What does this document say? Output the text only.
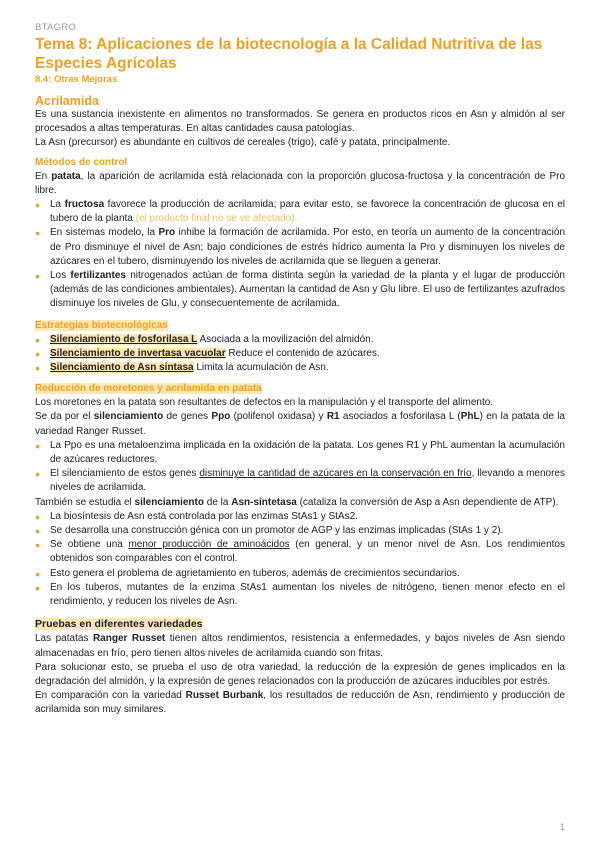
BTAGRO
Tema 8: Aplicaciones de la biotecnología a la Calidad Nutritiva de las Especies Agrícolas
8.4: Otras Mejoras
Acrilamida

Es una sustancia inexistente en alimentos no transformados. Se genera en productos ricos en Asn y almidón al ser procesados a altas temperaturas. En altas cantidades causa patologías.

La Asn (precursor) es abundante en cultivos de cereales (trigo), café y patata, principalmente.

Métodos de control

En patata, la aparición de acrilamida está relacionada con la proporción glucosa-fructosa y la concentración de Pro libre.

● La fructosa favorece la producción de acrilamida; para evitar esto, se favorece la concentración de glucosa en el tubero de la planta (el producto final no se ve afectado).
● En sistemas modelo, la Pro inhibe la formación de acrilamida. Por esto, en teoría un aumento de la concentración de Pro disminuye el nivel de Asn; bajo condiciones de estrés hídrico aumenta la Pro y disminuyen los niveles de azúcares en el tubero, disminuyendo los niveles de acrilamida que se lleguen a generar.
● Los fertilizantes nitrogenados actúan de forma distinta según la variedad de la planta y el lugar de producción (además de las condiciones ambientales). Aumentan la cantidad de Asn y Glu libre. El uso de fertilizantes azufrados disminuye los niveles de Glu, y consecuentemente de acrilamida.
Estrategias biotecnológicas
● Silenciamiento de fosforilasa L Asociada a la movilización del almidón.
● Silenciamiento de invertasa vacuolar Reduce el contenido de azúcares.
● Silenciamiento de Asn sintasa Limita la acumulación de Asn.
Reducción de moretones y acrilamida en patata

Los moretones en la patata son resultantes de defectos en la manipulación y el transporte del alimento.

Se da por el silenciamiento de genes Ppo (polifenol oxidasa) y R1 asociados a fosforilasa L (PhL) en la patata de la variedad Ranger Russet.

● La Ppo es una metaloenzima implicada en la oxidación de la patata. Los genes R1 y PhL aumentan la acumulación de azúcares reductores.
● El silenciamiento de estos genes disminuye la cantidad de azúcares en la conservación en frío, llevando a menores niveles de acrilamida.

También se estudia el silenciamiento de la Asn-sintetasa (cataliza la conversión de Asp a Asn dependiente de ATP).

● La biosíntesis de Asn está controlada por las enzimas StAs1 y StAs2.
● Se desarrolla una construcción génica con un promotor de AGP y las enzimas implicadas (StAs 1 y 2).
● Se obtiene una menor producción de aminoácidos (en general, y un menor nivel de Asn. Los rendimientos obtenidos son comparables con el control.
● Esto genera el problema de agrietamiento en tuberos, además de crecimientos secundarios.
● En los tuberos, mutantes de la enzima StAs1 aumentan los niveles de nitrógeno, tienen menor efecto en el rendimiento, y reducen los niveles de Asn.
Pruebas en diferentes variedades

Las patatas Ranger Russet tienen altos rendimientos, resistencia a enfermedades, y bajos niveles de Asn siendo almacenadas en frío, pero tienen altos niveles de acrilamida cuando son fritas.

Para solucionar esto, se prueba el uso de otra variedad, la reducción de la expresión de genes implicados en la degradación del almidón, y la expresión de genes relacionados con la producción de azúcares inducibles por estrés.

En comparación con la variedad Russet Burbank, los resultados de reducción de Asn, rendimiento y producción de acrilamida son muy similares.

1
